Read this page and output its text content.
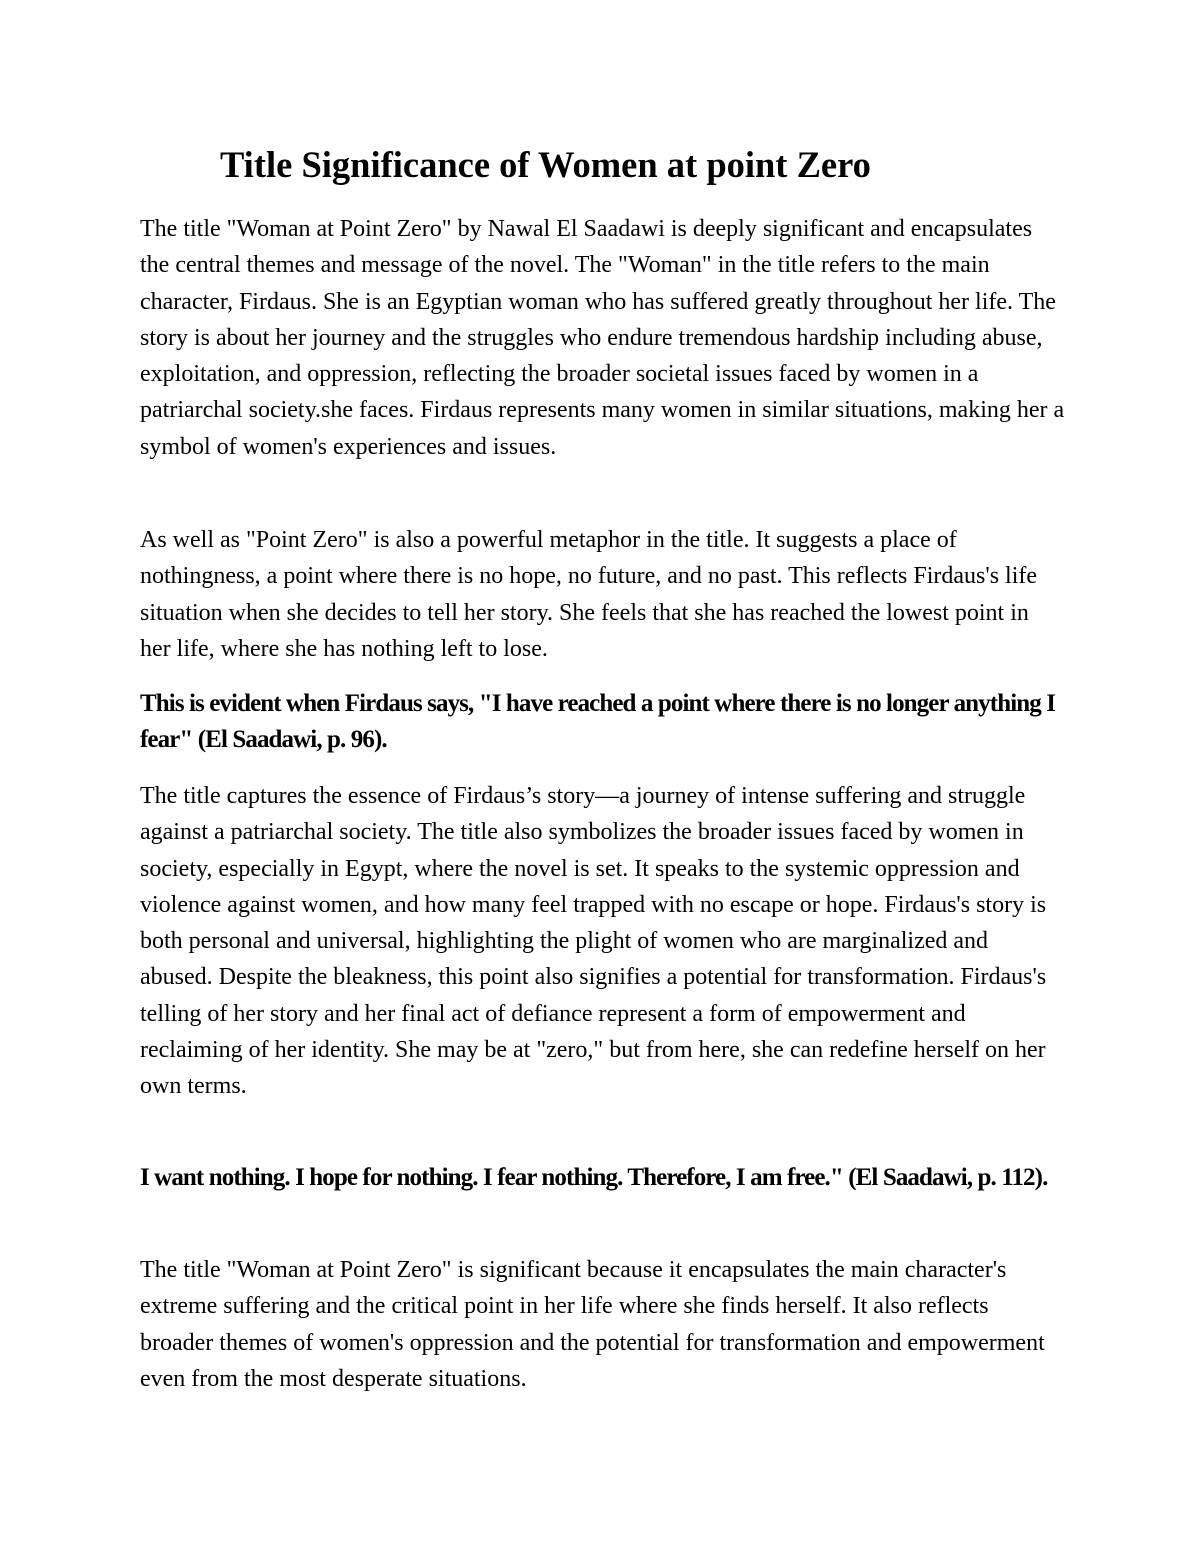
Title Significance of Women at point Zero

The title "Woman at Point Zero" by Nawal El Saadawi is deeply significant and encapsulates the central themes and message of the novel. The "Woman" in the title refers to the main character, Firdaus. She is an Egyptian woman who has suffered greatly throughout her life. The story is about her journey and the struggles who endure tremendous hardship including abuse, exploitation, and oppression, reflecting the broader societal issues faced by women in a patriarchal society.she faces. Firdaus represents many women in similar situations, making her a symbol of women's experiences and issues.

As well as "Point Zero" is also a powerful metaphor in the title. It suggests a place of nothingness, a point where there is no hope, no future, and no past. This reflects Firdaus's life situation when she decides to tell her story. She feels that she has reached the lowest point in her life, where she has nothing left to lose.

This is evident when Firdaus says, "I have reached a point where there is no longer anything I fear" (El Saadawi, p. 96).

The title captures the essence of Firdaus’s story—a journey of intense suffering and struggle against a patriarchal society. The title also symbolizes the broader issues faced by women in society, especially in Egypt, where the novel is set. It speaks to the systemic oppression and violence against women, and how many feel trapped with no escape or hope. Firdaus's story is both personal and universal, highlighting the plight of women who are marginalized and abused. Despite the bleakness, this point also signifies a potential for transformation. Firdaus's telling of her story and her final act of defiance represent a form of empowerment and reclaiming of her identity. She may be at "zero," but from here, she can redefine herself on her own terms.

I want nothing. I hope for nothing. I fear nothing. Therefore, I am free." (El Saadawi, p. 112).

The title "Woman at Point Zero" is significant because it encapsulates the main character's extreme suffering and the critical point in her life where she finds herself. It also reflects broader themes of women's oppression and the potential for transformation and empowerment even from the most desperate situations.
